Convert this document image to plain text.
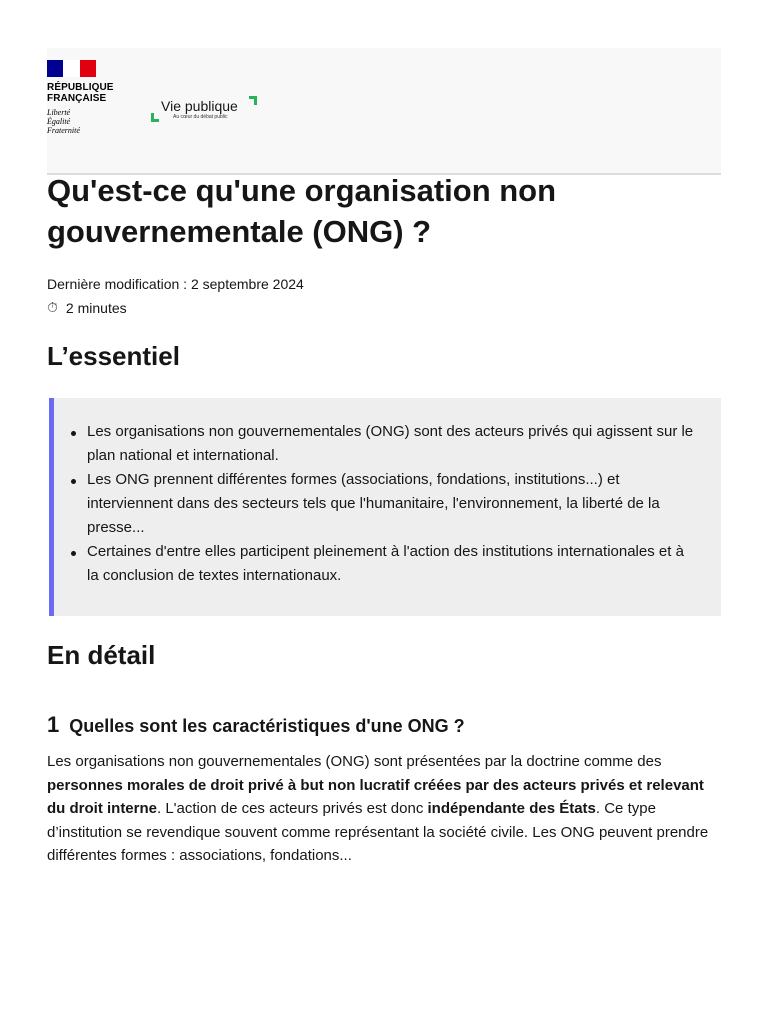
RÉPUBLIQUE
FRANÇAISE
Liberté
Égalité
Fraternité
Vie publique
Au cœur du débat public
Qu'est-ce qu'une organisation non gouvernementale (ONG) ?
Dernière modification : 2 septembre 2024
⏱ 2 minutes
L’essentiel
Les organisations non gouvernementales (ONG) sont des acteurs privés qui agissent sur le plan national et international.
Les ONG prennent différentes formes (associations, fondations, institutions...) et interviennent dans des secteurs tels que l'humanitaire, l'environnement, la liberté de la presse...
Certaines d'entre elles participent pleinement à l'action des institutions internationales et à la conclusion de textes internationaux.
En détail
1 Quelles sont les caractéristiques d'une ONG ?

Les organisations non gouvernementales (ONG) sont présentées par la doctrine comme des personnes morales de droit privé à but non lucratif créées par des acteurs privés et relevant du droit interne. L'action de ces acteurs privés est donc indépendante des États. Ce type d’institution se revendique souvent comme représentant la société civile. Les ONG peuvent prendre différentes formes : associations, fondations...
